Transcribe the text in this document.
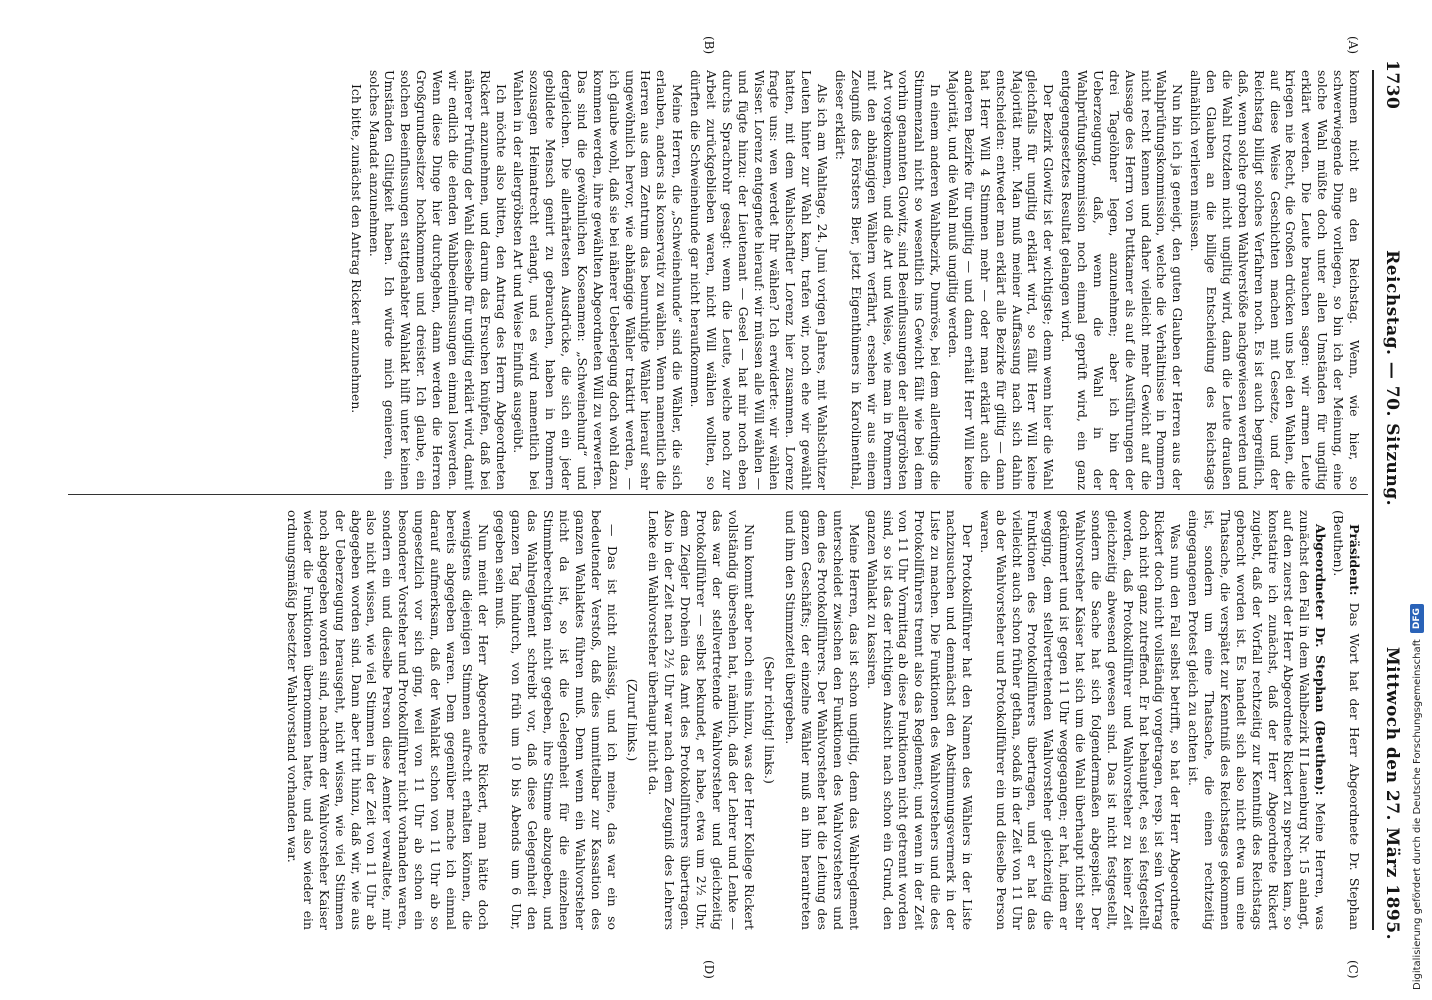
1730
Reichstag. — 70. Sitzung.
Mittwoch den 27. März 1895.
(A)
(B)
(C)
(D)

kommen nicht an den Reichstag. Wenn, wie hier, so schwerwiegende Dinge vorliegen, so bin ich der Meinung, eine solche Wahl müßte doch unter allen Umständen für ungiltig erklärt werden. Die Leute brauchen sagen: wir armen Leute kriegen nie Recht, die Großen drücken uns bei den Wahlen, die auf diese Weise Geschichten machen mit Gesetze, und der Reichstag billigt solches Verfahren noch. Es ist auch begreiflich, daß, wenn solche groben Wahlverstöße nachgewiesen werden und die Wahl trotzdem nicht ungiltig wird, dann die Leute draußen den Glauben an die billige Entscheidung des Reichstags allmählich verlieren müssen.

Nun bin ich ja geneigt, den guten Glauben der Herren aus der Wahlprüfungskommission, welche die Verhältnisse in Pommern nicht recht kennen und daher vielleicht mehr Gewicht auf die Aussage des Herrn von Puttkamer als auf die Ausführungen der drei Tagelöhner legen, anzunehmen; aber ich bin der Ueberzeugung, daß, wenn die Wahl in der Wahlprüfungskommission noch einmal geprüft wird, ein ganz entgegengesetztes Resultat gelangen wird.

Der Bezirk Glowitz ist der wichtigste; denn wenn hier die Wahl gleichfalls für ungiltig erklärt wird, so fällt Herr Will keine Majorität mehr. Man muß meiner Auffassung nach sich dahin entscheiden: entweder man erklärt alle Bezirke für giltig — dann hat Herr Will 4 Stimmen mehr — oder man erklärt auch die anderen Bezirke für ungiltig — und dann erhält Herr Will keine Majorität, und die Wahl muß ungiltig werden.

In einem anderen Wahlbezirk, Dumröse, bei dem allerdings die Stimmenzahl nicht so wesentlich ins Gewicht fällt wie bei dem vorhin genannten Glowitz, sind Beeinflussungen der allergröbsten Art vorgekommen, und die Art und Weise, wie man in Pommern mit den abhängigen Wählern verfährt, ersehen wir aus einem Zeugniß des Försters Bier, jetzt Eigenthümers in Karolinenthal, dieser erklärt:

Als ich am Wahltage, 24. Juni vorigen Jahres, mit Wahlschützer Leuten hinter zur Wahl kam, trafen wir, noch ehe wir gewählt hatten, mit dem Wahlschaftler Lorenz hier zusammen. Lorenz fragte uns: wen werdet Ihr wählen? Ich erwiderte: wir wählen Wisser. Lorenz entgegnete hierauf: wir müssen alle Will wählen — und fügte hinzu: der Lieutenant — Gesel — hat mir noch eben durchs Sprachrohr gesagt: wenn die Leute, welche noch zur Arbeit zurückgeblieben waren, nicht Will wählen wollten, so dürften die Schweinehunde gar nicht heraufkommen.

Meine Herren, die „Schweinehunde“ sind die Wähler, die sich erlauben, anders als konservativ zu wählen. Wenn namentlich die Herren aus dem Zentrum das beunruhigte Wähler hierauf sehr ungewöhnlich hervor, wie abhängige Wähler traktirt werden, — ich glaube wohl, daß sie bei näherer Ueberlegung doch wohl dazu kommen werden, ihre gewählten Abgeordneten Will zu verwerfen. Das sind die gewöhnlichen Kosenamen: „Schweinehund“ und dergleichen. Die allerhärtesten Ausdrücke, die sich ein jeder gebildete Mensch genirt zu gebrauchen, haben in Pommern sozusagen Heimatrecht erlangt, und es wird namentlich bei Wahlen in der allergröbsten Art und Weise Einfluß ausgeübt.

Ich möchte also bitten, den Antrag des Herrn Abgeordneten Rickert anzunehmen, und darum das Ersuchen knüpfen, daß bei näherer Prüfung der Wahl dieselbe für ungiltig erklärt wird, damit wir endlich die elenden Wahlbeeinflussungen einmal loswerden. Wenn diese Dinge hier durchgehen, dann werden die Herren Großgrundbesitzer hochkommen und dreister. Ich glaube, ein solchen Beeinflussungen stattgehabter Wahlakt hilft unter keinen Umständen Giltigkeit haben. Ich würde mich genieren, ein solches Mandat anzunehmen.

Ich bitte, zunächst den Antrag Rickert anzunehmen.

Präsident: Das Wort hat der Herr Abgeordnete Dr. Stephan (Beuthen).

Abgeordneter Dr. Stephan (Beuthen): Meine Herren, was zunächst den Fall in dem Wahlbezirk II Lauenburg Nr. 15 anlangt, auf den zuerst der Herr Abgeordnete Rickert zu sprechen kam, so konstatire ich zunächst, daß der Herr Abgeordnete Rickert zugiebt, daß der Vorfall rechtzeitig zur Kenntniß des Reichstags gebracht worden ist. Es handelt sich also nicht etwa um eine Thatsache, die verspätet zur Kenntniß des Reichstages gekommen ist, sondern um eine Thatsache, die einen rechtzeitig eingegangenen Protest gleich zu achten ist.

Was nun den Fall selbst betrifft, so hat der Herr Abgeordnete Rickert doch nicht vollständig vorgetragen, resp. ist sein Vortrag doch nicht ganz zutreffend. Er hat behauptet, es sei festgestellt worden, daß Protokollführer und Wahlvorsteher zu keiner Zeit gleichzeitig abwesend gewesen sind. Das ist nicht festgestellt, sondern die Sache hat sich folgendermaßen abgespielt. Der Wahlvorsteher Kaiser hat sich um die Wahl überhaupt nicht sehr gekümmert und ist gegen 11 Uhr weggegangen; er hat, indem er wegging, dem stellvertretenden Wahlvorsteher gleichzeitig die Funktionen des Protokollführers übertragen, und er hat das vielleicht auch schon früher gethan, sodaß in der Zeit von 11 Uhr ab der Wahlvorsteher und Protokollführer ein und dieselbe Person waren.

Der Protokollführer hat den Namen des Wählers in der Liste nachzusuchen und demnächst den Abstimmungsvermerk in der Liste zu machen. Die Funktionen des Wahlvorstehers und die des Protokollführers trennt also das Reglement; und wenn in der Zeit von 11 Uhr Vormittag ab diese Funktionen nicht getrennt worden sind, so ist das der richtigen Ansicht nach schon ein Grund, den ganzen Wahlakt zu kassiren.

Meine Herren, das ist schon ungiltig, denn das Wahlreglement unterscheidet zwischen den Funktionen des Wahlvorstehers und dem des Protokollführers. Der Wahlvorsteher hat die Leitung des ganzen Geschäfts; der einzelne Wähler muß an ihn herantreten und ihm den Stimmzettel übergeben.

(Sehr richtig! links.)

Nun kommt aber noch eins hinzu, was der Herr Kollege Rickert vollständig übersehen hat, nämlich, daß der Lehrer und Lenke — das war der stellvertretende Wahlvorsteher und gleichzeitig Protokollführer — selbst bekundet, er habe, etwa um 2½ Uhr, dem Ziegler Drohein das Amt des Protokollführers übertragen. Also in der Zeit nach 2½ Uhr war nach dem Zeugniß des Lehrers Lenke ein Wahlvorsteher überhaupt nicht da.

(Zuruf links.)

— Das ist nicht zulässig, und ich meine, das war ein so bedeutender Verstoß, daß dies unmittelbar zur Kassation des ganzen Wahlaktes führen muß. Denn wenn ein Wahlvorsteher nicht da ist, so ist die Gelegenheit für die einzelnen Stimmberechtigten nicht gegeben, ihre Stimme abzugeben, und das Wahlreglement schreibt vor, daß diese Gelegenheit den ganzen Tag hindurch, von früh um 10 bis Abends um 6 Uhr, gegeben sein muß.

Nun meint der Herr Abgeordnete Rickert, man hätte doch wenigstens diejenigen Stimmen aufrecht erhalten können, die bereits abgegeben waren. Dem gegenüber mache ich einmal darauf aufmerksam, daß der Wahlakt schon von 11 Uhr ab so ungesetzlich vor sich ging, weil von 11 Uhr ab schon ein besonderer Vorsteher und Protokollführer nicht vorhanden waren, sondern ein und dieselbe Person diese Aemter verwaltete, mir also nicht wissen, wie viel Stimmen in der Zeit von 11 Uhr ab abgegeben worden sind. Dann aber tritt hinzu, daß wir, wie aus der Ueberzeugung herausgeht, nicht wissen, wie viel Stimmen noch abgegeben worden sind, nachdem der Wahlvorsteher Kaiser wieder die Funktionen übernommen hatte, und also wieder ein ordnungsmäßig besetzter Wahlvorstand vorhanden war.	Digitalisierung gefördert durch die Deutsche Forschungsgemeinschaft
DFG
